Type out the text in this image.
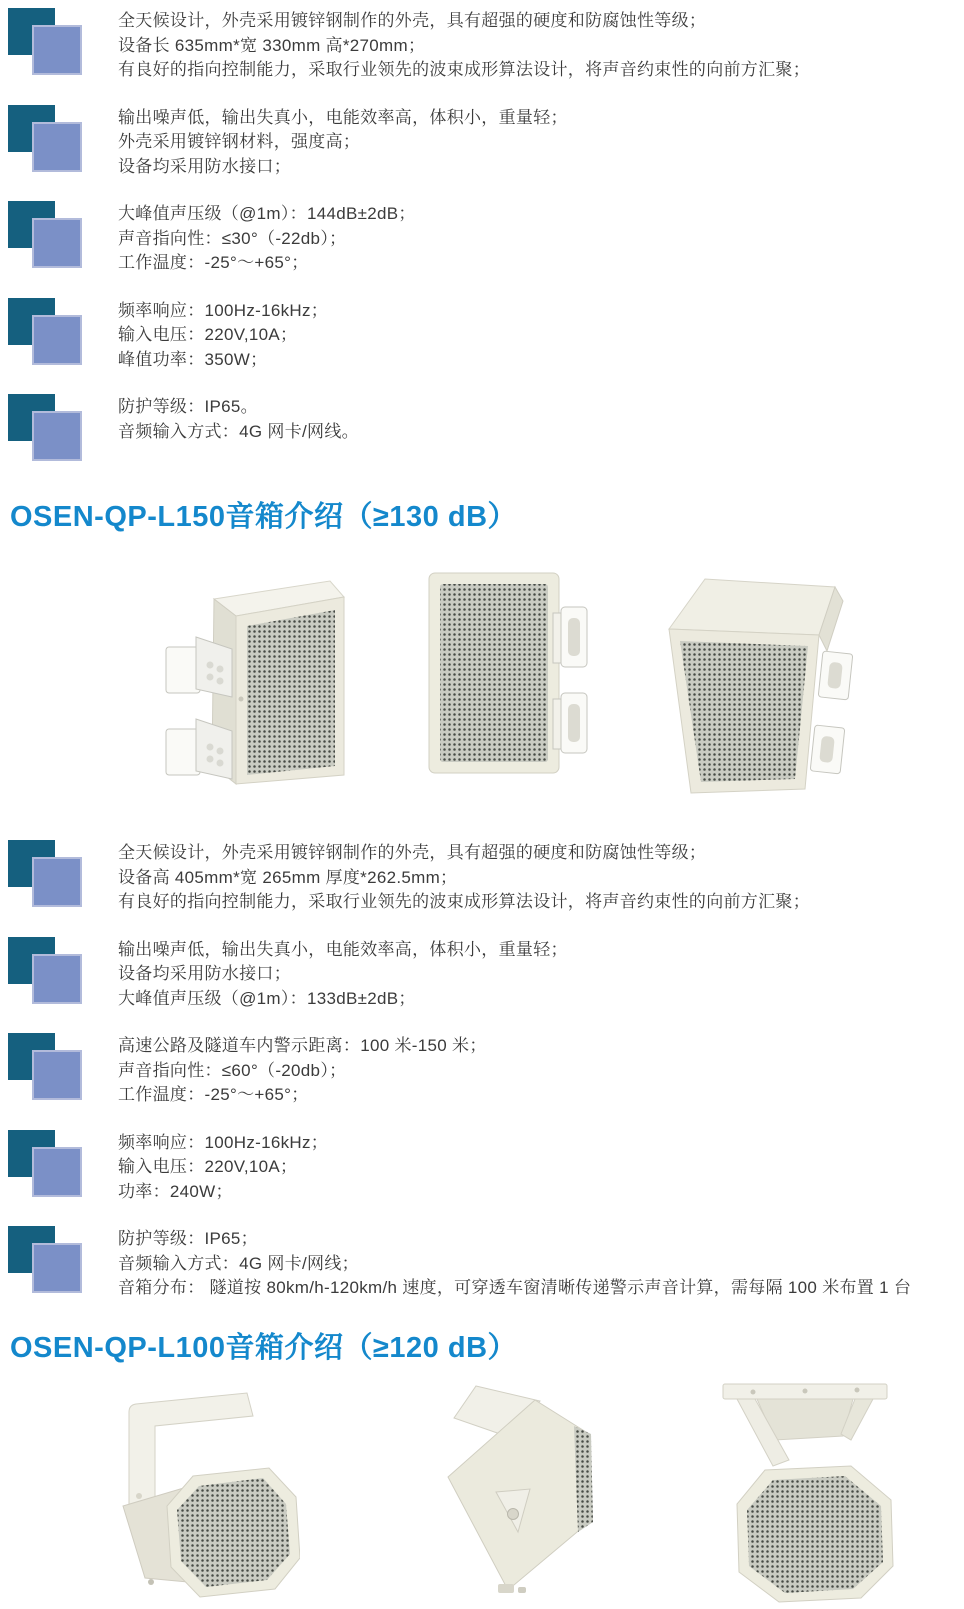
全天候设计，外壳采用镀锌钢制作的外壳，具有超强的硬度和防腐蚀性等级；
设备长 635mm*宽 330mm 高*270mm；
有良好的指向控制能力，采取行业领先的波束成形算法设计，将声音约束性的向前方汇聚；
输出噪声低，输出失真小，电能效率高，体积小，重量轻；
外壳采用镀锌钢材料，强度高；
设备均采用防水接口；
大峰值声压级（@1m）：144dB±2dB；
声音指向性：≤30°（-22db）；
工作温度：-25°～+65°；
频率响应：100Hz-16kHz；
输入电压：220V,10A；
峰值功率：350W；
防护等级：IP65。
音频输入方式：4G 网卡/网线。
OSEN-QP-L150音箱介绍（≥130 dB）
全天候设计，外壳采用镀锌钢制作的外壳，具有超强的硬度和防腐蚀性等级；
设备高 405mm*宽 265mm 厚度*262.5mm；
有良好的指向控制能力，采取行业领先的波束成形算法设计，将声音约束性的向前方汇聚；
输出噪声低，输出失真小，电能效率高，体积小，重量轻；
设备均采用防水接口；
大峰值声压级（@1m）：133dB±2dB；
高速公路及隧道车内警示距离：100 米-150 米；
声音指向性：≤60°（-20db）；
工作温度：-25°～+65°；
频率响应：100Hz-16kHz；
输入电压：220V,10A；
功率：240W；
防护等级：IP65；
音频输入方式：4G 网卡/网线；
音箱分布： 隧道按 80km/h-120km/h 速度，可穿透车窗清晰传递警示声音计算，需每隔 100 米布置 1 台
OSEN-QP-L100音箱介绍（≥120 dB）
